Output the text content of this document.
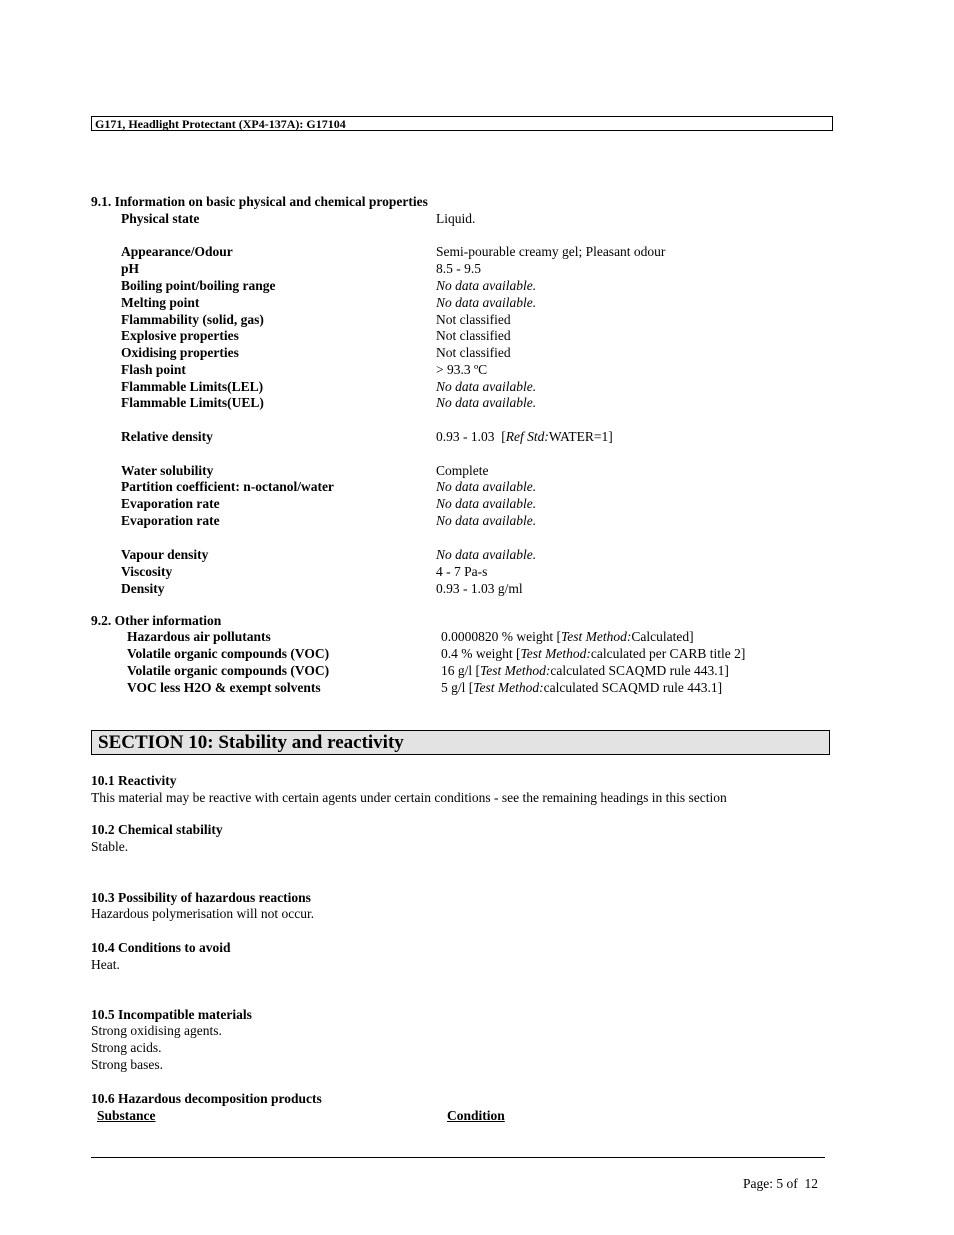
G171, Headlight Protectant (XP4-137A): G17104
9.1. Information on basic physical and chemical properties
Physical state	Liquid.
Appearance/Odour	Semi-pourable creamy gel; Pleasant odour
pH	8.5 - 9.5
Boiling point/boiling range	No data available.
Melting point	No data available.
Flammability (solid, gas)	Not classified
Explosive properties	Not classified
Oxidising properties	Not classified
Flash point	> 93.3 ºC
Flammable Limits(LEL)	No data available.
Flammable Limits(UEL)	No data available.
Relative density	0.93 - 1.03  [Ref Std:WATER=1]
Water solubility	Complete
Partition coefficient: n-octanol/water	No data available.
Evaporation rate	No data available.
Evaporation rate	No data available.
Vapour density	No data available.
Viscosity	4 - 7 Pa-s
Density	0.93 - 1.03 g/ml
9.2. Other information
Hazardous air pollutants	0.0000820 % weight [Test Method:Calculated]
Volatile organic compounds (VOC)	0.4 % weight [Test Method:calculated per CARB title 2]
Volatile organic compounds (VOC)	16 g/l [Test Method:calculated SCAQMD rule 443.1]
VOC less H2O & exempt solvents	5 g/l [Test Method:calculated SCAQMD rule 443.1]
SECTION 10: Stability and reactivity
10.1 Reactivity
This material may be reactive with certain agents under certain conditions - see the remaining headings in this section
10.2 Chemical stability
Stable.
10.3 Possibility of hazardous reactions
Hazardous polymerisation will not occur.
10.4 Conditions to avoid
Heat.
10.5 Incompatible materials
Strong oxidising agents.
Strong acids.
Strong bases.
10.6 Hazardous decomposition products
Substance	Condition
Page: 5 of  12
